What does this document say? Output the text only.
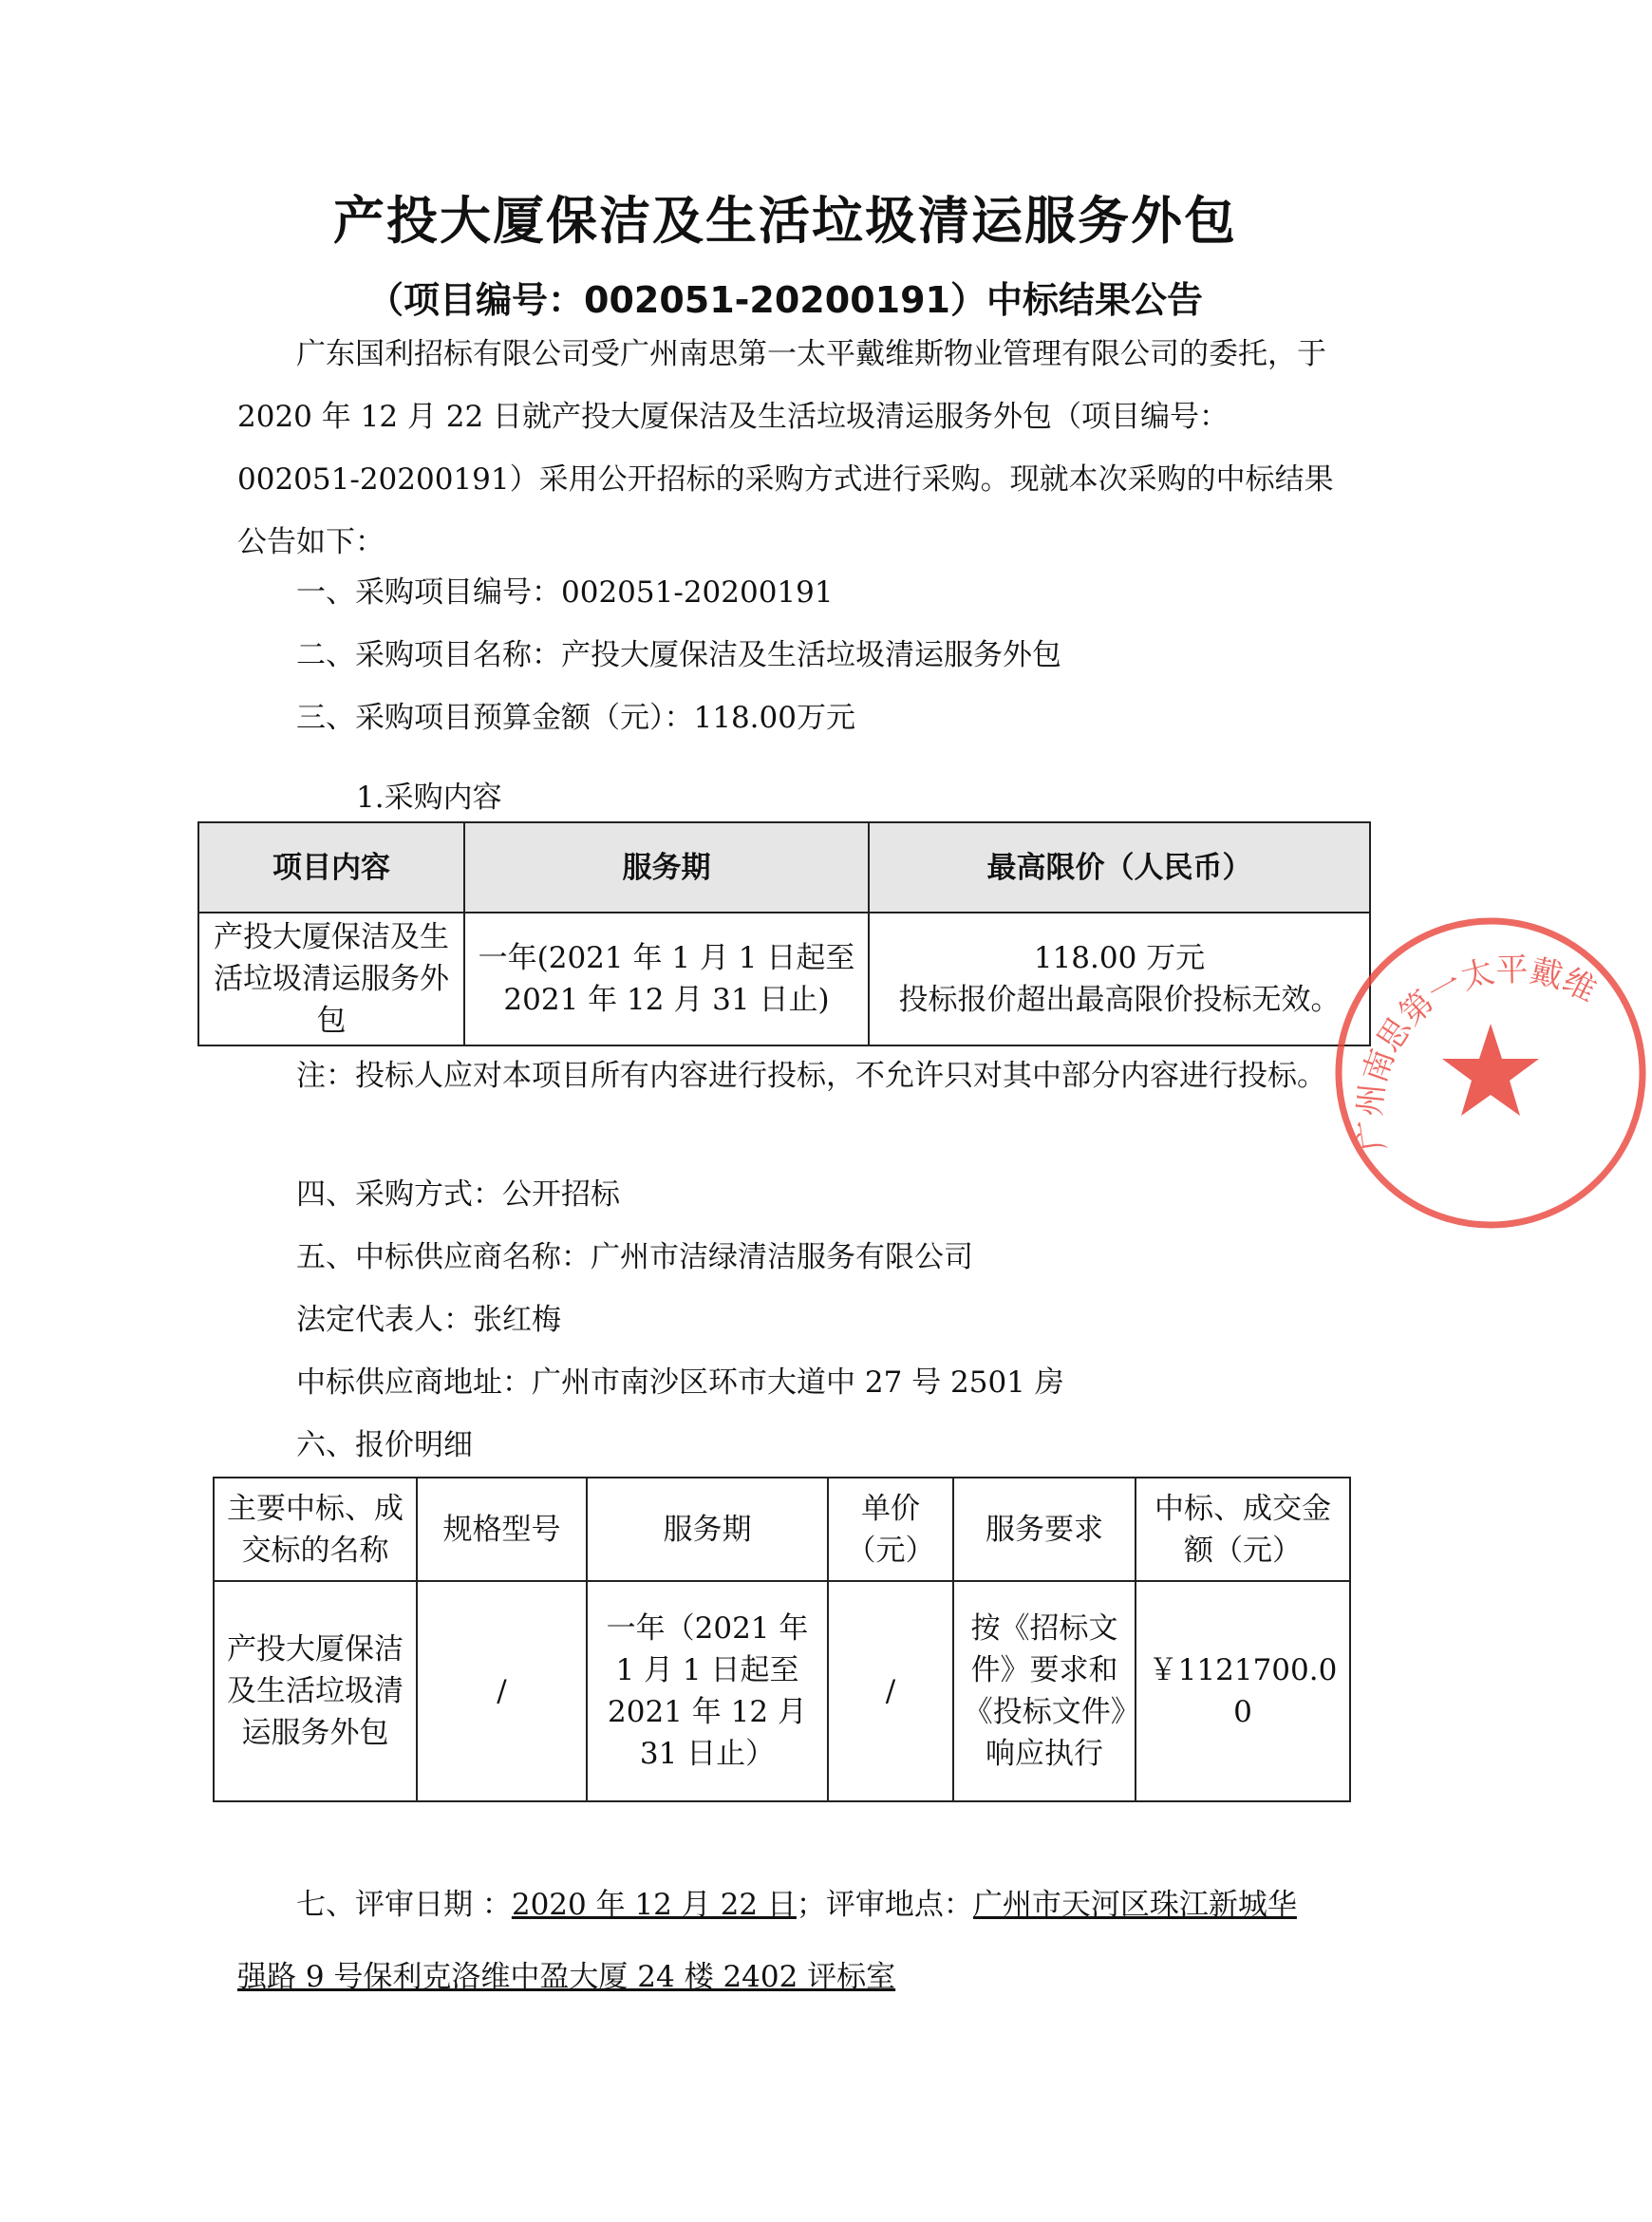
产投大厦保洁及生活垃圾清运服务外包
（项目编号：002051-20200191）中标结果公告
广东国利招标有限公司受广州南思第一太平戴维斯物业管理有限公司的委托，于 2020 年 12 月 22 日就产投大厦保洁及生活垃圾清运服务外包（项目编号：002051-20200191）采用公开招标的采购方式进行采购。现就本次采购的中标结果公告如下：
一、采购项目编号：002051-20200191
二、采购项目名称：产投大厦保洁及生活垃圾清运服务外包
三、采购项目预算金额（元）：118.00万元
1.采购内容
项目内容	服务期	最高限价（人民币）
产投大厦保洁及生活垃圾清运服务外包	一年(2021 年 1 月 1 日起至2021 年 12 月 31 日止)	118.00 万元
投标报价超出最高限价投标无效。
注：投标人应对本项目所有内容进行投标，不允许只对其中部分内容进行投标。
四、采购方式：公开招标
五、中标供应商名称：广州市洁绿清洁服务有限公司
法定代表人：张红梅
中标供应商地址：广州市南沙区环市大道中 27 号 2501 房
六、报价明细
主要中标、成交标的名称	规格型号	服务期	单价（元）	服务要求	中标、成交金额（元）
产投大厦保洁及生活垃圾清运服务外包	/	一年（2021 年 1 月 1 日起至2021 年 12 月 31 日止）	/	按《招标文件》要求和《投标文件》响应执行	￥1121700.00
七、评审日期 ：2020 年 12 月 22 日；评审地点：广州市天河区珠江新城华
强路 9 号保利克洛维中盈大厦 24 楼 2402 评标室
广州南思第一太平戴维
